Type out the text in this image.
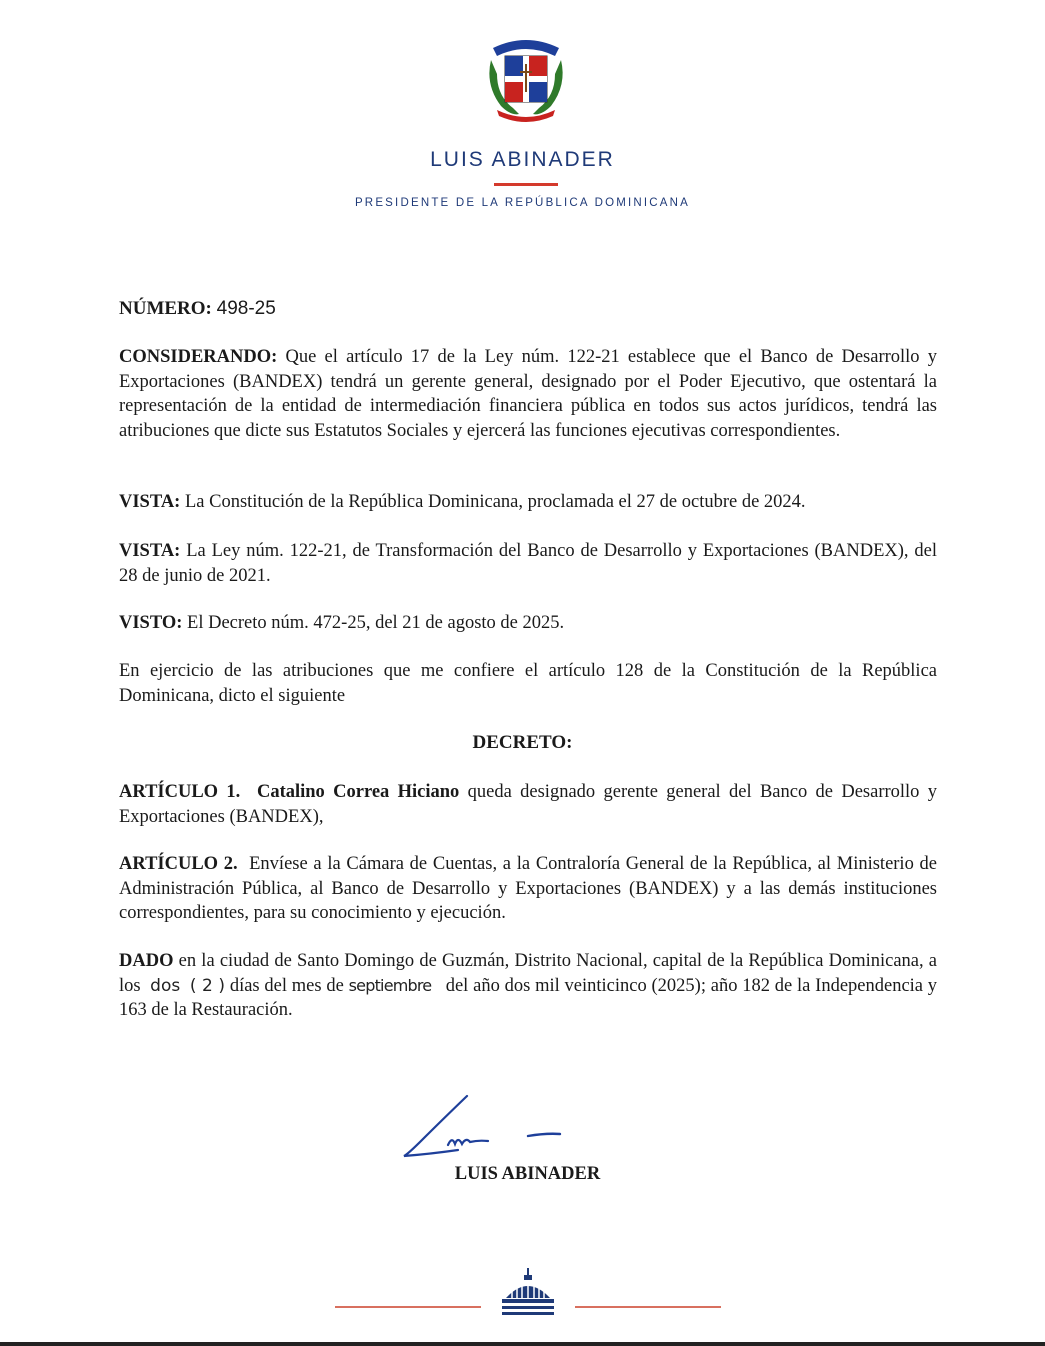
LUIS ABINADER
PRESIDENTE DE LA REPÚBLICA DOMINICANA
NÚMERO: 498-25
CONSIDERANDO: Que el artículo 17 de la Ley núm. 122-21 establece que el Banco de Desarrollo y Exportaciones (BANDEX) tendrá un gerente general, designado por el Poder Ejecutivo, que ostentará la representación de la entidad de intermediación financiera pública en todos sus actos jurídicos, tendrá las atribuciones que dicte sus Estatutos Sociales y ejercerá las funciones ejecutivas correspondientes.
VISTA: La Constitución de la República Dominicana, proclamada el 27 de octubre de 2024.
VISTA: La Ley núm. 122-21, de Transformación del Banco de Desarrollo y Exportaciones (BANDEX), del 28 de junio de 2021.
VISTO: El Decreto núm. 472-25, del 21 de agosto de 2025.
En ejercicio de las atribuciones que me confiere el artículo 128 de la Constitución de la República Dominicana, dicto el siguiente
DECRETO:
ARTÍCULO 1. Catalino Correa Hiciano queda designado gerente general del Banco de Desarrollo y Exportaciones (BANDEX),
ARTÍCULO 2. Envíese a la Cámara de Cuentas, a la Contraloría General de la República, al Ministerio de Administración Pública, al Banco de Desarrollo y Exportaciones (BANDEX) y a las demás instituciones correspondientes, para su conocimiento y ejecución.
DADO en la ciudad de Santo Domingo de Guzmán, Distrito Nacional, capital de la República Dominicana, a los dos ( 2 ) días del mes de septiembre del año dos mil veinticinco (2025); año 182 de la Independencia y 163 de la Restauración.
LUIS ABINADER
